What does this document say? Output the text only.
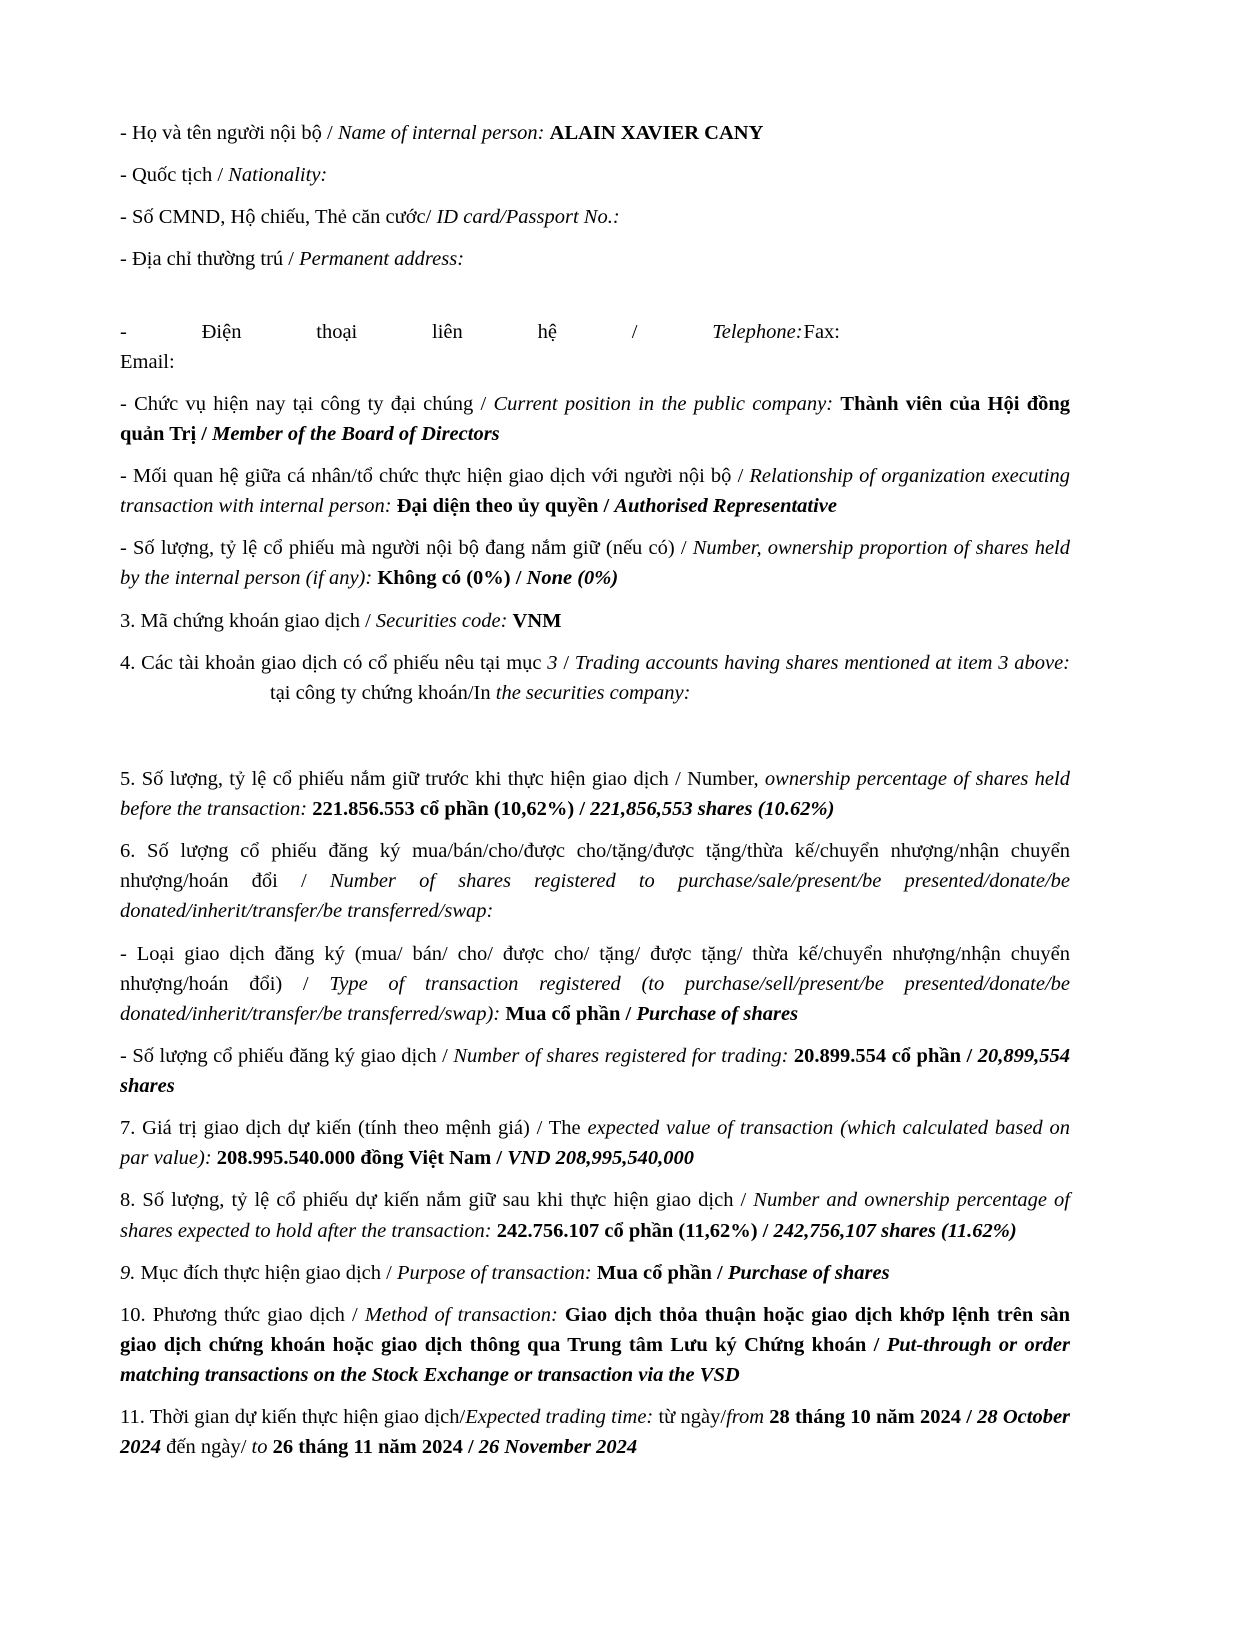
- Họ và tên người nội bộ / Name of internal person: ALAIN XAVIER CANY

- Quốc tịch / Nationality:

- Số CMND, Hộ chiếu, Thẻ căn cước/ ID card/Passport No.:

- Địa chỉ thường trú / Permanent address:

- Điện thoại liên hệ / Telephone:Fax:
Email:

- Chức vụ hiện nay tại công ty đại chúng / Current position in the public company: Thành viên của Hội đồng quản Trị / Member of the Board of Directors

- Mối quan hệ giữa cá nhân/tổ chức thực hiện giao dịch với người nội bộ / Relationship of organization executing transaction with internal person: Đại diện theo ủy quyền / Authorised Representative

- Số lượng, tỷ lệ cổ phiếu mà người nội bộ đang nắm giữ (nếu có) / Number, ownership proportion of shares held by the internal person (if any): Không có (0%) / None (0%)

3. Mã chứng khoán giao dịch / Securities code: VNM

4. Các tài khoản giao dịch có cổ phiếu nêu tại mục 3 / Trading accounts having shares mentioned at item 3 above:tại công ty chứng khoán/In the securities company:

5. Số lượng, tỷ lệ cổ phiếu nắm giữ trước khi thực hiện giao dịch / Number, ownership percentage of shares held before the transaction: 221.856.553 cổ phần (10,62%) / 221,856,553 shares (10.62%)

6. Số lượng cổ phiếu đăng ký mua/bán/cho/được cho/tặng/được tặng/thừa kế/chuyển nhượng/nhận chuyển nhượng/hoán đổi / Number of shares registered to purchase/sale/present/be presented/donate/be donated/inherit/transfer/be transferred/swap:

- Loại giao dịch đăng ký (mua/ bán/ cho/ được cho/ tặng/ được tặng/ thừa kế/chuyển nhượng/nhận chuyển nhượng/hoán đổi) / Type of transaction registered (to purchase/sell/present/be presented/donate/be donated/inherit/transfer/be transferred/swap): Mua cổ phần / Purchase of shares

- Số lượng cổ phiếu đăng ký giao dịch / Number of shares registered for trading: 20.899.554 cổ phần / 20,899,554 shares

7. Giá trị giao dịch dự kiến (tính theo mệnh giá) / The expected value of transaction (which calculated based on par value): 208.995.540.000 đồng Việt Nam / VND 208,995,540,000

8. Số lượng, tỷ lệ cổ phiếu dự kiến nắm giữ sau khi thực hiện giao dịch / Number and ownership percentage of shares expected to hold after the transaction: 242.756.107 cổ phần (11,62%) / 242,756,107 shares (11.62%)

9. Mục đích thực hiện giao dịch / Purpose of transaction: Mua cổ phần / Purchase of shares

10. Phương thức giao dịch / Method of transaction: Giao dịch thỏa thuận hoặc giao dịch khớp lệnh trên sàn giao dịch chứng khoán hoặc giao dịch thông qua Trung tâm Lưu ký Chứng khoán / Put-through or order matching transactions on the Stock Exchange or transaction via the VSD

11. Thời gian dự kiến thực hiện giao dịch/Expected trading time: từ ngày/from 28 tháng 10 năm 2024 / 28 October 2024 đến ngày/ to 26 tháng 11 năm 2024 / 26 November 2024
